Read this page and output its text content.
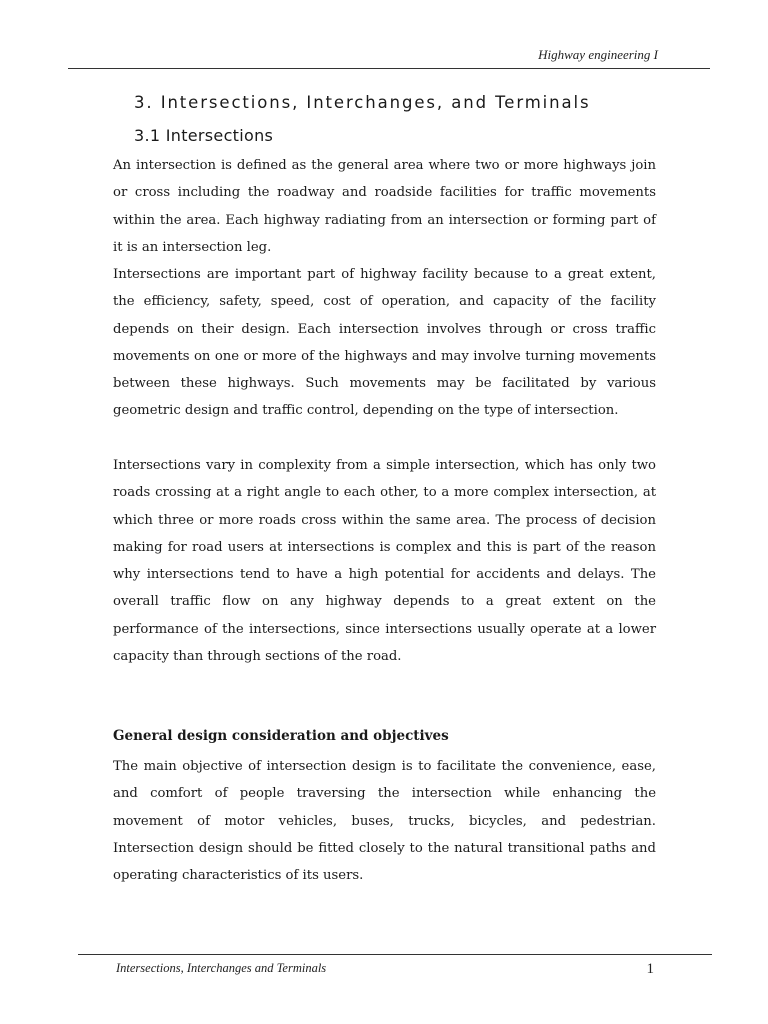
Highway engineering I
3. Intersections, Interchanges, and Terminals
3.1 Intersections

An intersection is defined as the general area where two or more highways join or cross including the roadway and roadside facilities for traffic movements within the area. Each highway radiating from an intersection or forming part of it is an intersection leg.

Intersections are important part of highway facility because to a great extent, the efficiency, safety, speed, cost of operation, and capacity of the facility depends on their design. Each intersection involves through or cross traffic movements on one or more of the highways and may involve turning movements between these highways. Such movements may be facilitated by various geometric design and traffic control, depending on the type of intersection.

Intersections vary in complexity from a simple intersection, which has only two roads crossing at a right angle to each other, to a more complex intersection, at which three or more roads cross within the same area. The process of decision making for road users at intersections is complex and this is part of the reason why intersections tend to have a high potential for accidents and delays. The overall traffic flow on any highway depends to a great extent on the performance of the intersections, since intersections usually operate at a lower capacity than through sections of the road.

General design consideration and objectives

The main objective of intersection design is to facilitate the convenience, ease, and comfort of people traversing the intersection while enhancing the movement of motor vehicles, buses, trucks, bicycles, and pedestrian. Intersection design should be fitted closely to the natural transitional paths and operating characteristics of its users.

Intersections, Interchanges and Terminals	1
